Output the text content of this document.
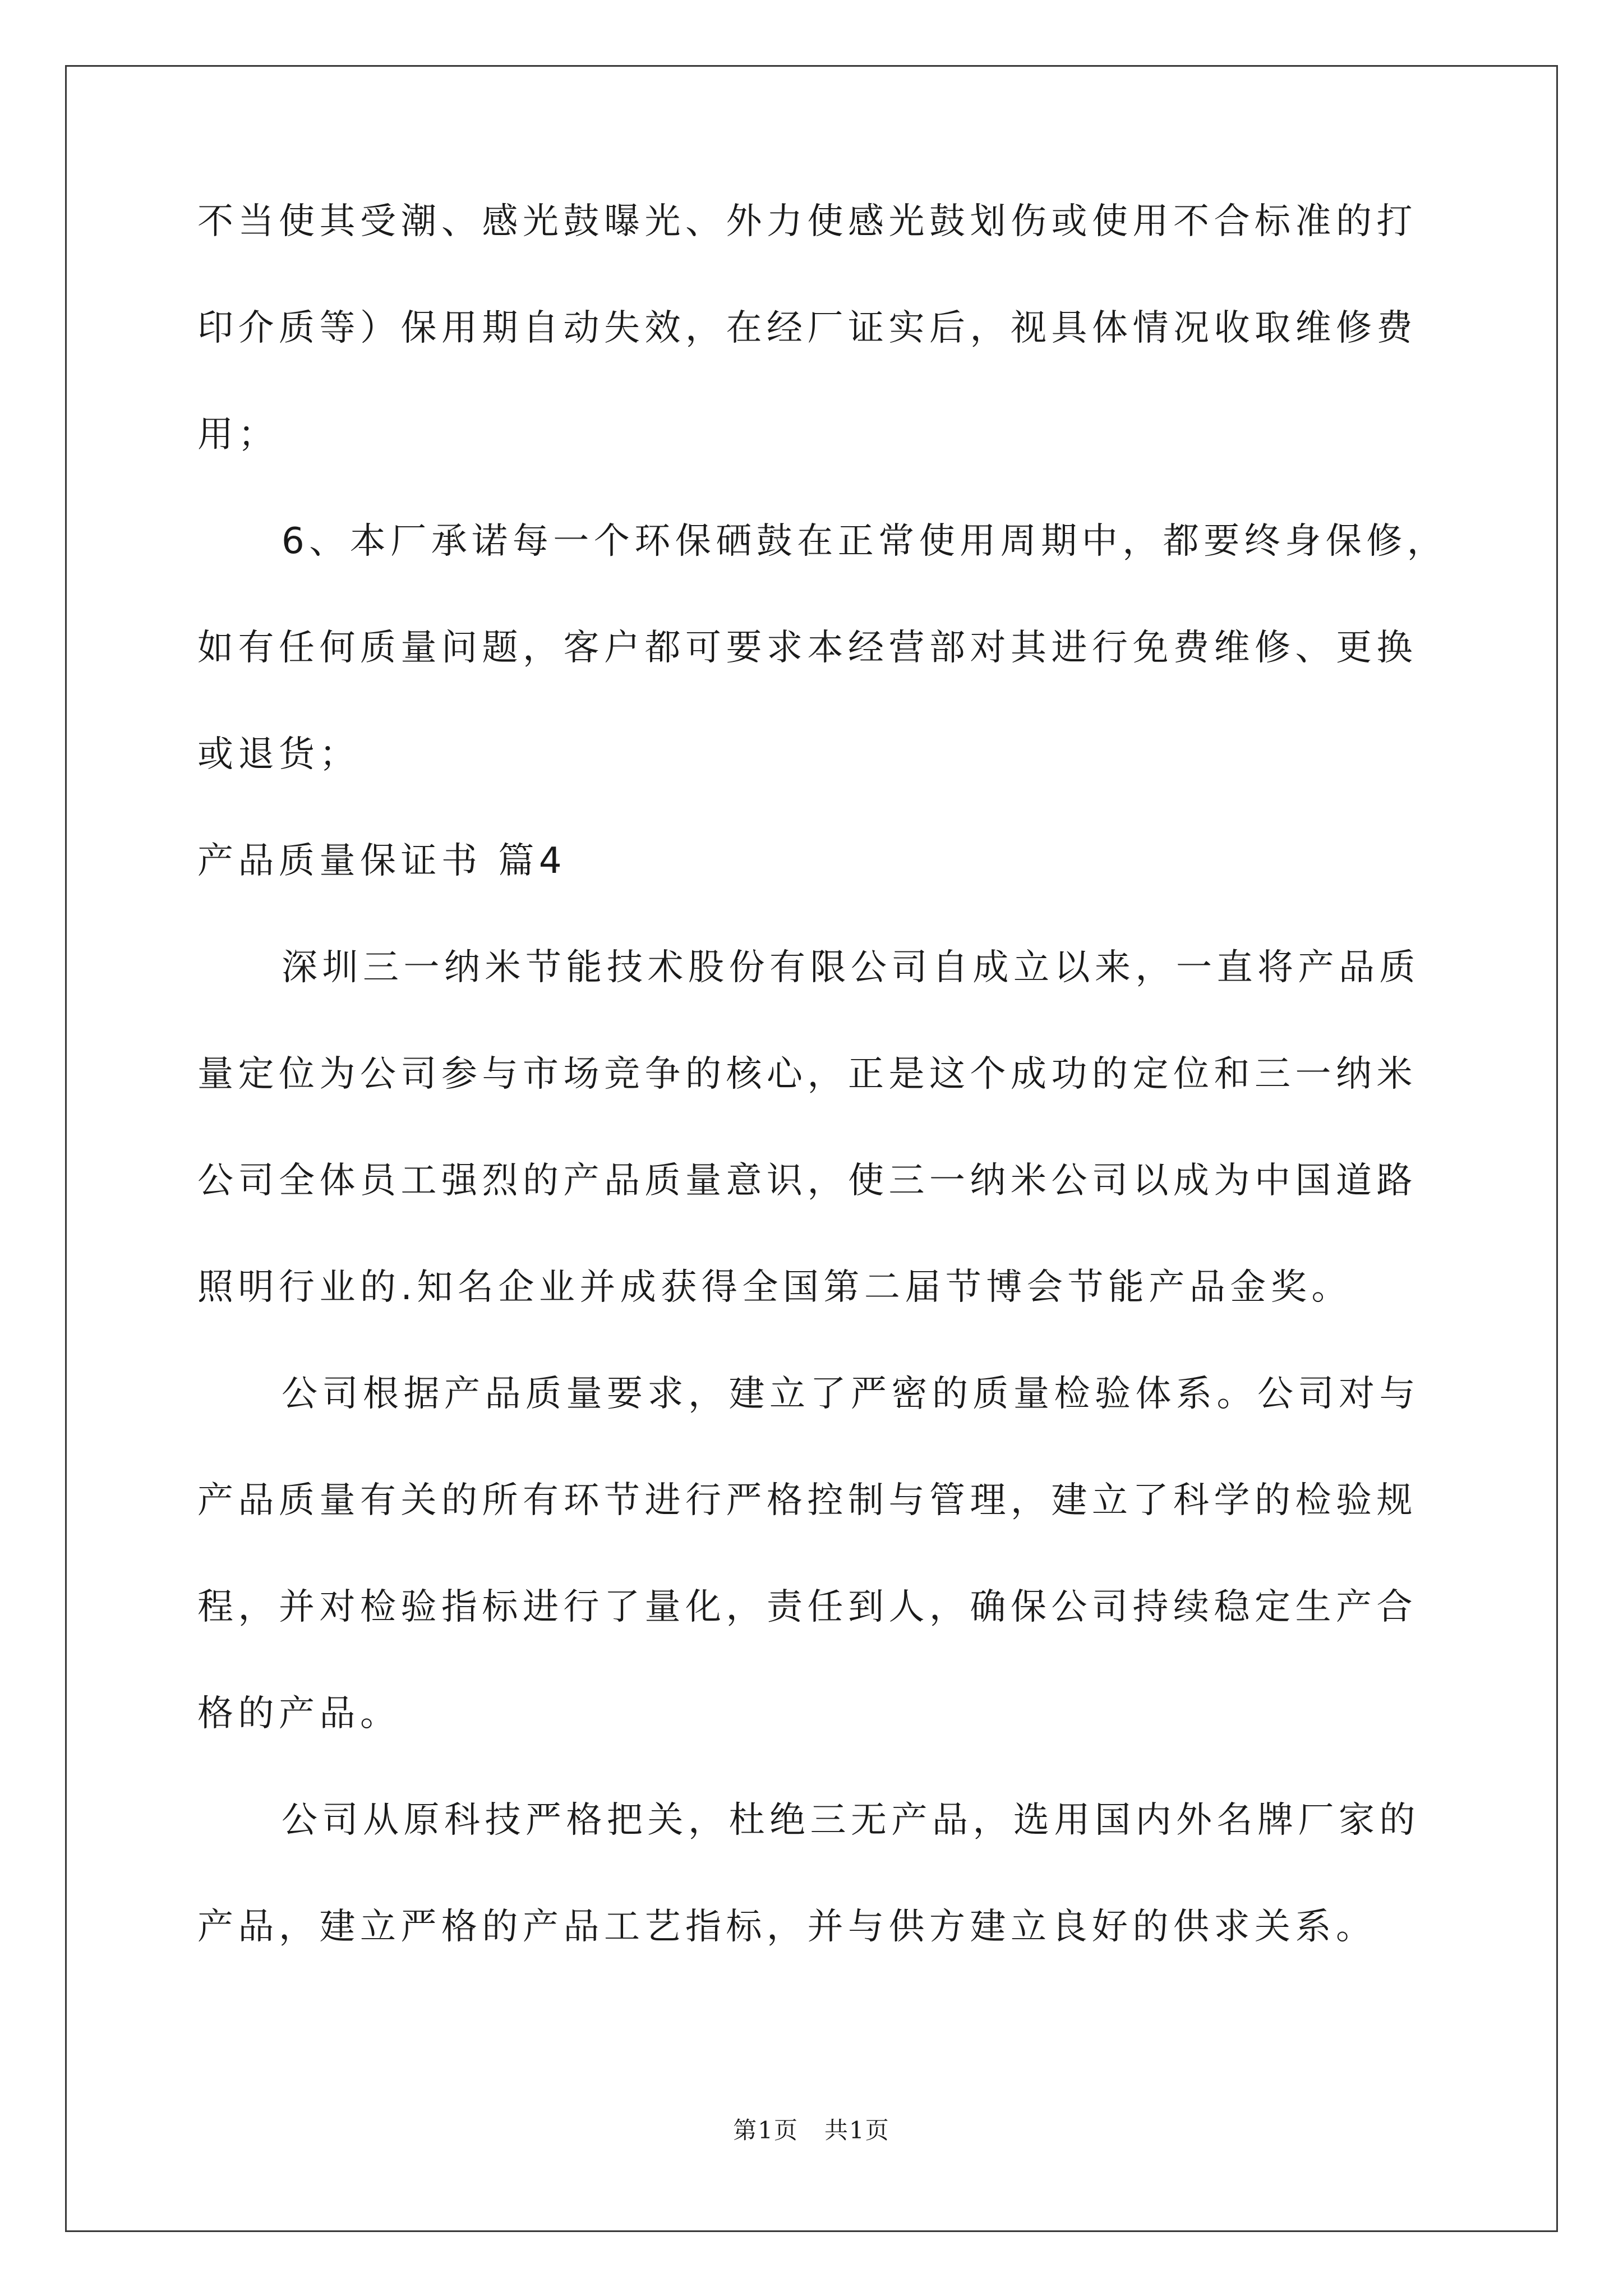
不当使其受潮、感光鼓曝光、外力使感光鼓划伤或使用不合标准的打

印介质等）保用期自动失效，在经厂证实后，视具体情况收取维修费

用；

6、本厂承诺每一个环保硒鼓在正常使用周期中，都要终身保修，

如有任何质量问题，客户都可要求本经营部对其进行免费维修、更换

或退货；

产品质量保证书 篇4

深圳三一纳米节能技术股份有限公司自成立以来，一直将产品质

量定位为公司参与市场竞争的核心，正是这个成功的定位和三一纳米

公司全体员工强烈的产品质量意识，使三一纳米公司以成为中国道路

照明行业的.知名企业并成获得全国第二届节博会节能产品金奖。

公司根据产品质量要求，建立了严密的质量检验体系。公司对与

产品质量有关的所有环节进行严格控制与管理，建立了科学的检验规

程，并对检验指标进行了量化，责任到人，确保公司持续稳定生产合

格的产品。

公司从原科技严格把关，杜绝三无产品，选用国内外名牌厂家的

产品，建立严格的产品工艺指标，并与供方建立良好的供求关系。

第1页 共1页
